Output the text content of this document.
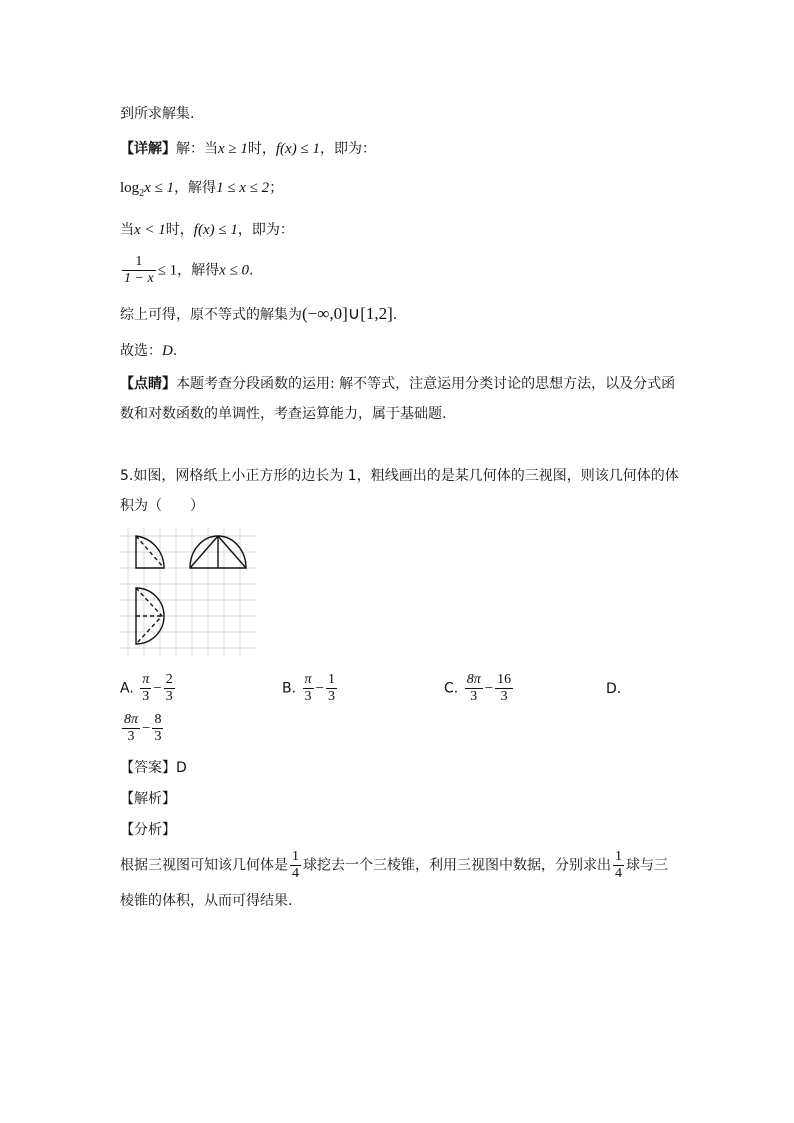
到所求解集.
【详解】解：当x ≥ 1时，f(x) ≤ 1，即为：
$\log_2x \le 1$，解得1 ≤ x ≤ 2；
当x < 1时，f(x) ≤ 1，即为：
$\frac{1}{1 - x} \le 1$，解得x ≤ 0.
综上可得，原不等式的解集为(−∞,0]∪[1,2].
故选：D.
【点睛】本题考查分段函数的运用: 解不等式，注意运用分类讨论的思想方法，以及分式函
数和对数函数的单调性，考查运算能力，属于基础题.
5.如图，网格纸上小正方形的边长为 1，粗线画出的是某几何体的三视图，则该几何体的体
积为（　　）
A. $\frac{\pi}{3} - \frac{2}{3}$	B. $\frac{\pi}{3} - \frac{1}{3}$	C. $\frac{8\pi}{3} - \frac{16}{3}$	D.
$\frac{8\pi}{3} - \frac{8}{3}$
【答案】D
【解析】
【分析】
根据三视图可知该几何体是 $\frac{1}{4}$ 球挖去一个三棱锥，利用三视图中数据，分别求出 $\frac{1}{4}$ 球与三
棱锥的体积，从而可得结果.
